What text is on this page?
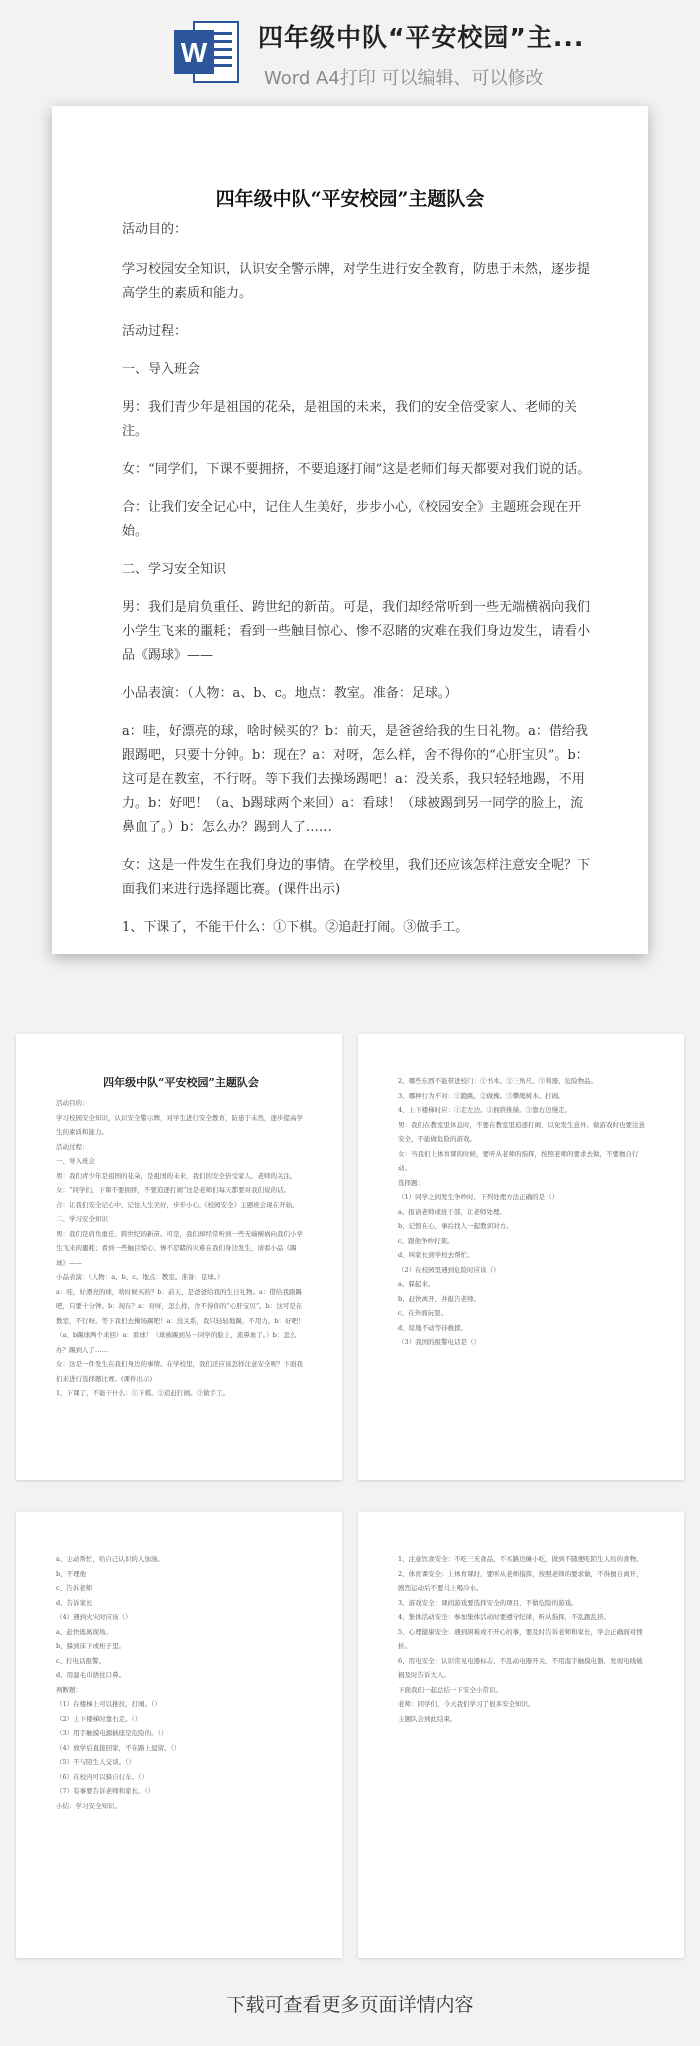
W 四年级中队“平安校园”主...
Word A4打印 可以编辑、可以修改
四年级中队“平安校园”主题队会

活动目的：

学习校园安全知识，认识安全警示牌，对学生进行安全教育，防患于未然，逐步提高学生的素质和能力。

活动过程：

一、导入班会

男：我们青少年是祖国的花朵，是祖国的未来，我们的安全倍受家人、老师的关注。

女：“同学们，下课不要拥挤，不要追逐打闹”这是老师们每天都要对我们说的话。

合：让我们安全记心中，记住人生美好，步步小心,《校园安全》主题班会现在开始。

二、学习安全知识

男：我们是肩负重任、跨世纪的新苗。可是，我们却经常听到一些无端横祸向我们小学生飞来的噩耗；看到一些触目惊心、惨不忍睹的灾难在我们身边发生，请看小品《踢球》——

小品表演：（人物：a、b、c。地点：教室。准备：足球。）

a：哇，好漂亮的球，啥时候买的？b：前天，是爸爸给我的生日礼物。a：借给我跟踢吧，只要十分钟。b：现在？a：对呀，怎么样，舍不得你的“心肝宝贝”。b：这可是在教室，不行呀。等下我们去操场踢吧！a：没关系，我只轻轻地踢，不用力。b：好吧！（a、b踢球两个来回）a：看球！（球被踢到另一同学的脸上，流鼻血了。）b：怎么办？踢到人了……

女：这是一件发生在我们身边的事情。在学校里，我们还应该怎样注意安全呢？下面我们来进行选择题比赛。(课件出示)

1、下课了，不能干什么：①下棋。②追赶打闹。③做手工。

四年级中队“平安校园”主题队会

活动目的：

学习校园安全知识，认识安全警示牌，对学生进行安全教育，防患于未然，逐步提高学生的素质和能力。

活动过程：

一、导入班会

男：我们青少年是祖国的花朵，是祖国的未来，我们的安全倍受家人、老师的关注。

女：“同学们，下课不要拥挤，不要追逐打闹”这是老师们每天都要对我们说的话。

合：让我们安全记心中，记住人生美好，步步小心,《校园安全》主题班会现在开始。

二、学习安全知识

男：我们是肩负重任、跨世纪的新苗。可是，我们却经常听到一些无端横祸向我们小学生飞来的噩耗；看到一些触目惊心、惨不忍睹的灾难在我们身边发生，请看小品《踢球》——

小品表演：（人物：a、b、c。地点：教室。准备：足球。）

a：哇，好漂亮的球，啥时候买的？b：前天，是爸爸给我的生日礼物。a：借给我跟踢吧，只要十分钟。b：现在？a：对呀，怎么样，舍不得你的“心肝宝贝”。b：这可是在教室，不行呀。等下我们去操场踢吧！a：没关系，我只轻轻地踢，不用力。b：好吧！（a、b踢球两个来回）a：看球！（球被踢到另一同学的脸上，流鼻血了。）b：怎么办？踢到人了……

女：这是一件发生在我们身边的事情。在学校里，我们还应该怎样注意安全呢？下面我们来进行选择题比赛。(课件出示)

1、下课了，不能干什么：①下棋。②追赶打闹。③做手工。

2、哪些东西不能带进校门：①书本。②三角尺。③利器、危险物品。

3、哪种行为不对：①跑跳。②做操。③攀爬树木、打闹。

4、上下楼梯时应：①走左边。②拥挤推搡。③靠右边慢走。

男：我们在教室里休息时，不要在教室里追逐打闹，以免发生意外。做游戏时也要注意安全，不能做危险的游戏。

女：当我们上体育课的时候，要听从老师的指挥，按照老师的要求去做，不要擅自行动。

选择题：

（1）同学之间发生争吵时，下列处理方法正确的是（）

a、报请老师或班干部，让老师处理。

b、记恨在心，事后找人一起教训对方。

c、跟他争吵打架。

d、叫家长到学校去帮忙。

（2）在校园里遇到危险时应该（）

a、躲起来。

b、赶快离开，并报告老师。

c、在外面玩耍。

d、原地不动等待救援。

（3）我国的报警电话是（）

a、主动帮忙，给自己认识的人加油。

b、不理他

c、告诉老师

d、告诉家长

（4）遇到火灾时应该（）

a、赶快逃离现场。

b、躲到床下或柜子里。

c、打电话报警。

d、用湿毛巾捂住口鼻。

判断题：

（1）在楼梯上可以推拉、打闹。（）

（2）上下楼梯时靠右走。（）

（3）用手触摸电源插座是危险的。（）

（4）放学后直接回家，不在路上逗留。（）

（5）不与陌生人交谈。（）

（6）在校内可以骑自行车。（）

（7）有事要告诉老师和家长。（）

小结：学习安全知识。

1、注意饮食安全：不吃三无食品，不买路边摊小吃，做到不随便吃陌生人给的食物。

2、体育课安全：上体育课时，要听从老师指挥，按照老师的要求做，不得擅自离开，剧烈运动后不要马上喝冷水。

3、游戏安全：课间游戏要选择安全的项目，不做危险的游戏。

4、集体活动安全：参加集体活动时要遵守纪律，听从指挥，不乱跑乱挤。

5、心理健康安全：遇到困难或不开心的事，要及时告诉老师和家长，学会正确面对挫折。

6、用电安全：认识常见电器标志，不乱动电器开关，不用湿手触摸电器，发现电线破损及时告诉大人。

下面我们一起总结一下安全小常识。

老师：同学们，今天我们学习了很多安全知识。

主题队会到此结束。

下载可查看更多页面详情内容
